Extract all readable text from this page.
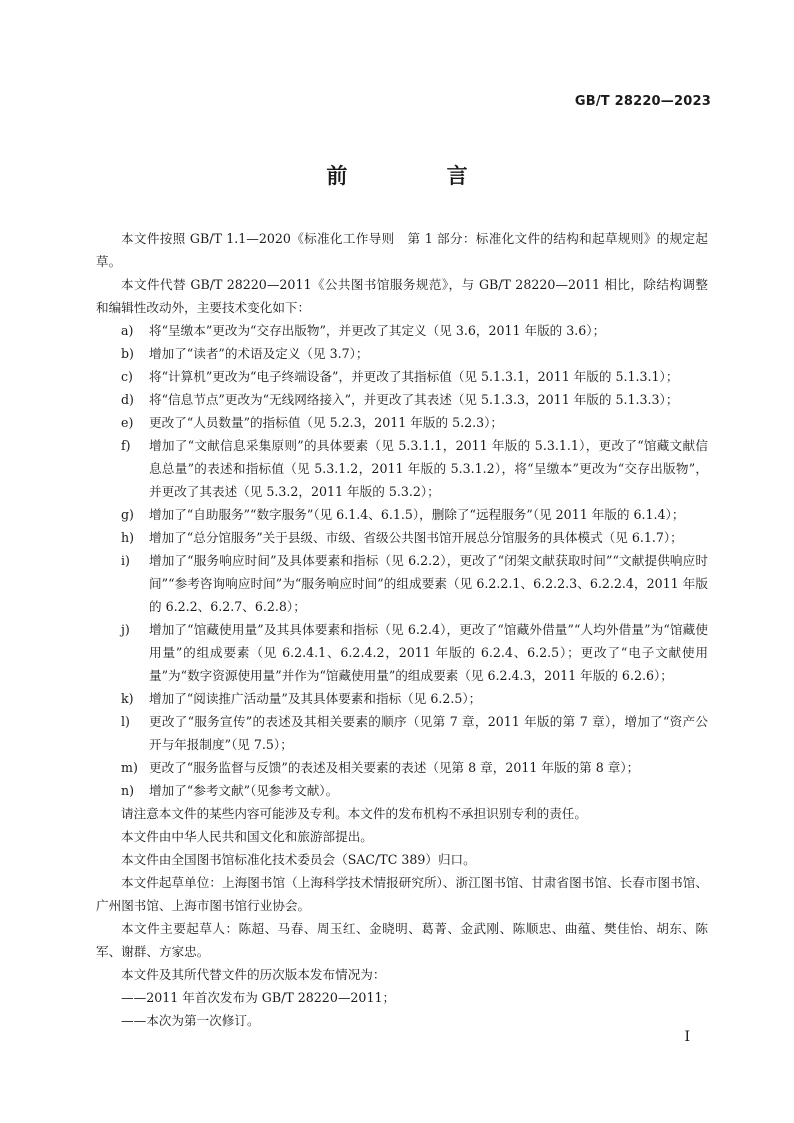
GB/T 28220—2023
前 言

本文件按照 GB/T 1.1—2020《标准化工作导则　第 1 部分：标准化文件的结构和起草规则》的规定起草。

本文件代替 GB/T 28220—2011《公共图书馆服务规范》，与 GB/T 28220—2011 相比，除结构调整和编辑性改动外，主要技术变化如下：

a)	将“呈缴本”更改为“交存出版物”，并更改了其定义（见 3.6，2011 年版的 3.6）；
b)	增加了“读者”的术语及定义（见 3.7）；
c)	将“计算机”更改为“电子终端设备”，并更改了其指标值（见 5.1.3.1，2011 年版的 5.1.3.1）；
d)	将“信息节点”更改为“无线网络接入”，并更改了其表述（见 5.1.3.3，2011 年版的 5.1.3.3）；
e)	更改了“人员数量”的指标值（见 5.2.3，2011 年版的 5.2.3）；
f)	增加了“文献信息采集原则”的具体要素（见 5.3.1.1，2011 年版的 5.3.1.1），更改了“馆藏文献信息总量”的表述和指标值（见 5.3.1.2，2011 年版的 5.3.1.2），将“呈缴本”更改为“交存出版物”，并更改了其表述（见 5.3.2，2011 年版的 5.3.2）；
g)	增加了“自助服务”“数字服务”（见 6.1.4、6.1.5），删除了“远程服务”（见 2011 年版的 6.1.4）；
h)	增加了“总分馆服务”关于县级、市级、省级公共图书馆开展总分馆服务的具体模式（见 6.1.7）；
i)	增加了“服务响应时间”及具体要素和指标（见 6.2.2），更改了“闭架文献获取时间”“文献提供响应时间”“参考咨询响应时间”为“服务响应时间”的组成要素（见 6.2.2.1、6.2.2.3、6.2.2.4，2011 年版的 6.2.2、6.2.7、6.2.8）；
j)	增加了“馆藏使用量”及其具体要素和指标（见 6.2.4），更改了“馆藏外借量”“人均外借量”为“馆藏使用量”的组成要素（见 6.2.4.1、6.2.4.2，2011 年版的 6.2.4、6.2.5）；更改了“电子文献使用量”为“数字资源使用量”并作为“馆藏使用量”的组成要素（见 6.2.4.3，2011 年版的 6.2.6）；
k)	增加了“阅读推广活动量”及其具体要素和指标（见 6.2.5）；
l)	更改了“服务宣传”的表述及其相关要素的顺序（见第 7 章，2011 年版的第 7 章），增加了“资产公开与年报制度”（见 7.5）；
m) 更改了“服务监督与反馈”的表述及相关要素的表述（见第 8 章，2011 年版的第 8 章）；
n)	增加了“参考文献”（见参考文献）。

请注意本文件的某些内容可能涉及专利。本文件的发布机构不承担识别专利的责任。

本文件由中华人民共和国文化和旅游部提出。

本文件由全国图书馆标准化技术委员会（SAC/TC 389）归口。

本文件起草单位：上海图书馆（上海科学技术情报研究所）、浙江图书馆、甘肃省图书馆、长春市图书馆、广州图书馆、上海市图书馆行业协会。

本文件主要起草人：陈超、马春、周玉红、金晓明、葛菁、金武刚、陈顺忠、曲蕴、樊佳怡、胡东、陈军、谢群、方家忠。

本文件及其所代替文件的历次版本发布情况为：

——2011 年首次发布为 GB/T 28220—2011；

——本次为第一次修订。

I
